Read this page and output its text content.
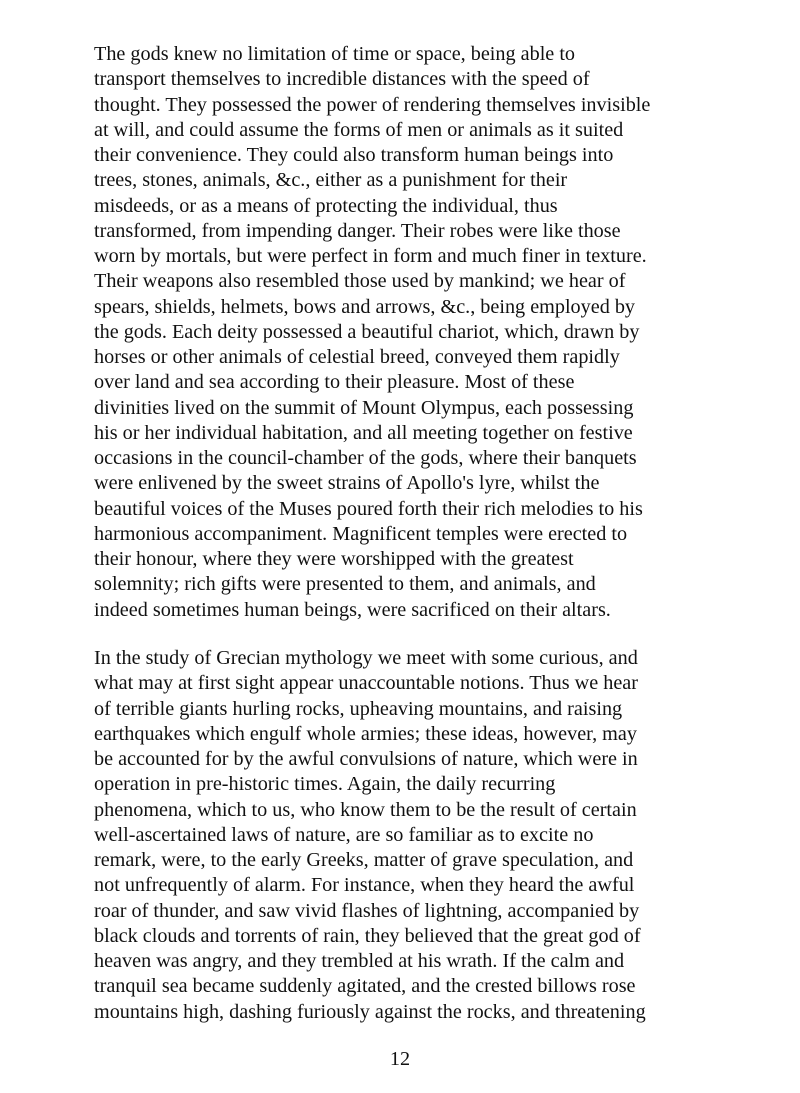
The gods knew no limitation of time or space, being able to
transport themselves to incredible distances with the speed of
thought. They possessed the power of rendering themselves invisible
at will, and could assume the forms of men or animals as it suited
their convenience. They could also transform human beings into
trees, stones, animals, &c., either as a punishment for their
misdeeds, or as a means of protecting the individual, thus
transformed, from impending danger. Their robes were like those
worn by mortals, but were perfect in form and much finer in texture.
Their weapons also resembled those used by mankind; we hear of
spears, shields, helmets, bows and arrows, &c., being employed by
the gods. Each deity possessed a beautiful chariot, which, drawn by
horses or other animals of celestial breed, conveyed them rapidly
over land and sea according to their pleasure. Most of these
divinities lived on the summit of Mount Olympus, each possessing
his or her individual habitation, and all meeting together on festive
occasions in the council-chamber of the gods, where their banquets
were enlivened by the sweet strains of Apollo's lyre, whilst the
beautiful voices of the Muses poured forth their rich melodies to his
harmonious accompaniment. Magnificent temples were erected to
their honour, where they were worshipped with the greatest
solemnity; rich gifts were presented to them, and animals, and
indeed sometimes human beings, were sacrificed on their altars.
In the study of Grecian mythology we meet with some curious, and
what may at first sight appear unaccountable notions. Thus we hear
of terrible giants hurling rocks, upheaving mountains, and raising
earthquakes which engulf whole armies; these ideas, however, may
be accounted for by the awful convulsions of nature, which were in
operation in pre-historic times. Again, the daily recurring
phenomena, which to us, who know them to be the result of certain
well-ascertained laws of nature, are so familiar as to excite no
remark, were, to the early Greeks, matter of grave speculation, and
not unfrequently of alarm. For instance, when they heard the awful
roar of thunder, and saw vivid flashes of lightning, accompanied by
black clouds and torrents of rain, they believed that the great god of
heaven was angry, and they trembled at his wrath. If the calm and
tranquil sea became suddenly agitated, and the crested billows rose
mountains high, dashing furiously against the rocks, and threatening
12
